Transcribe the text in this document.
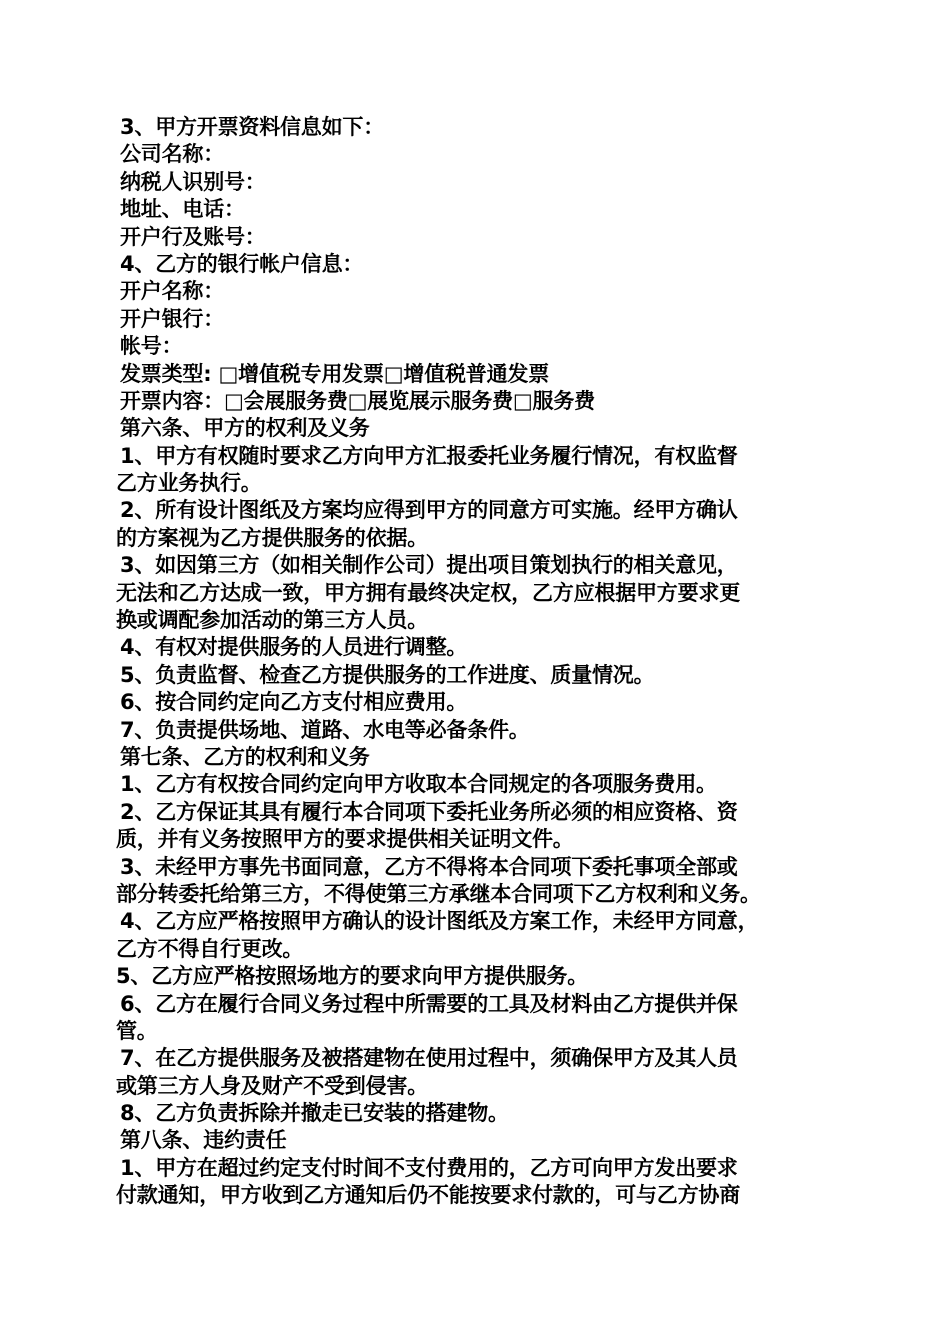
3、甲方开票资料信息如下：
公司名称：
纳税人识别号：
地址、电话：
开户行及账号：
4、乙方的银行帐户信息：
开户名称：
开户银行：
帐号：
发票类型: □增值税专用发票□增值税普通发票
开票内容：□会展服务费□展览展示服务费□服务费
第六条、甲方的权利及义务
1、甲方有权随时要求乙方向甲方汇报委托业务履行情况，有权监督
乙方业务执行。
2、所有设计图纸及方案均应得到甲方的同意方可实施。经甲方确认
的方案视为乙方提供服务的依据。
3、如因第三方（如相关制作公司）提出项目策划执行的相关意见，
无法和乙方达成一致，甲方拥有最终决定权，乙方应根据甲方要求更
换或调配参加活动的第三方人员。
4、有权对提供服务的人员进行调整。
5、负责监督、检查乙方提供服务的工作进度、质量情况。
6、按合同约定向乙方支付相应费用。
7、负责提供场地、道路、水电等必备条件。
第七条、乙方的权利和义务
1、乙方有权按合同约定向甲方收取本合同规定的各项服务费用。
2、乙方保证其具有履行本合同项下委托业务所必须的相应资格、资
质，并有义务按照甲方的要求提供相关证明文件。
3、未经甲方事先书面同意，乙方不得将本合同项下委托事项全部或
部分转委托给第三方，不得使第三方承继本合同项下乙方权利和义务。
4、乙方应严格按照甲方确认的设计图纸及方案工作，未经甲方同意，
乙方不得自行更改。
5、乙方应严格按照场地方的要求向甲方提供服务。
6、乙方在履行合同义务过程中所需要的工具及材料由乙方提供并保
管。
7、在乙方提供服务及被搭建物在使用过程中，须确保甲方及其人员
或第三方人身及财产不受到侵害。
8、乙方负责拆除并撤走已安装的搭建物。
第八条、违约责任
1、甲方在超过约定支付时间不支付费用的，乙方可向甲方发出要求
付款通知，甲方收到乙方通知后仍不能按要求付款的，可与乙方协商
